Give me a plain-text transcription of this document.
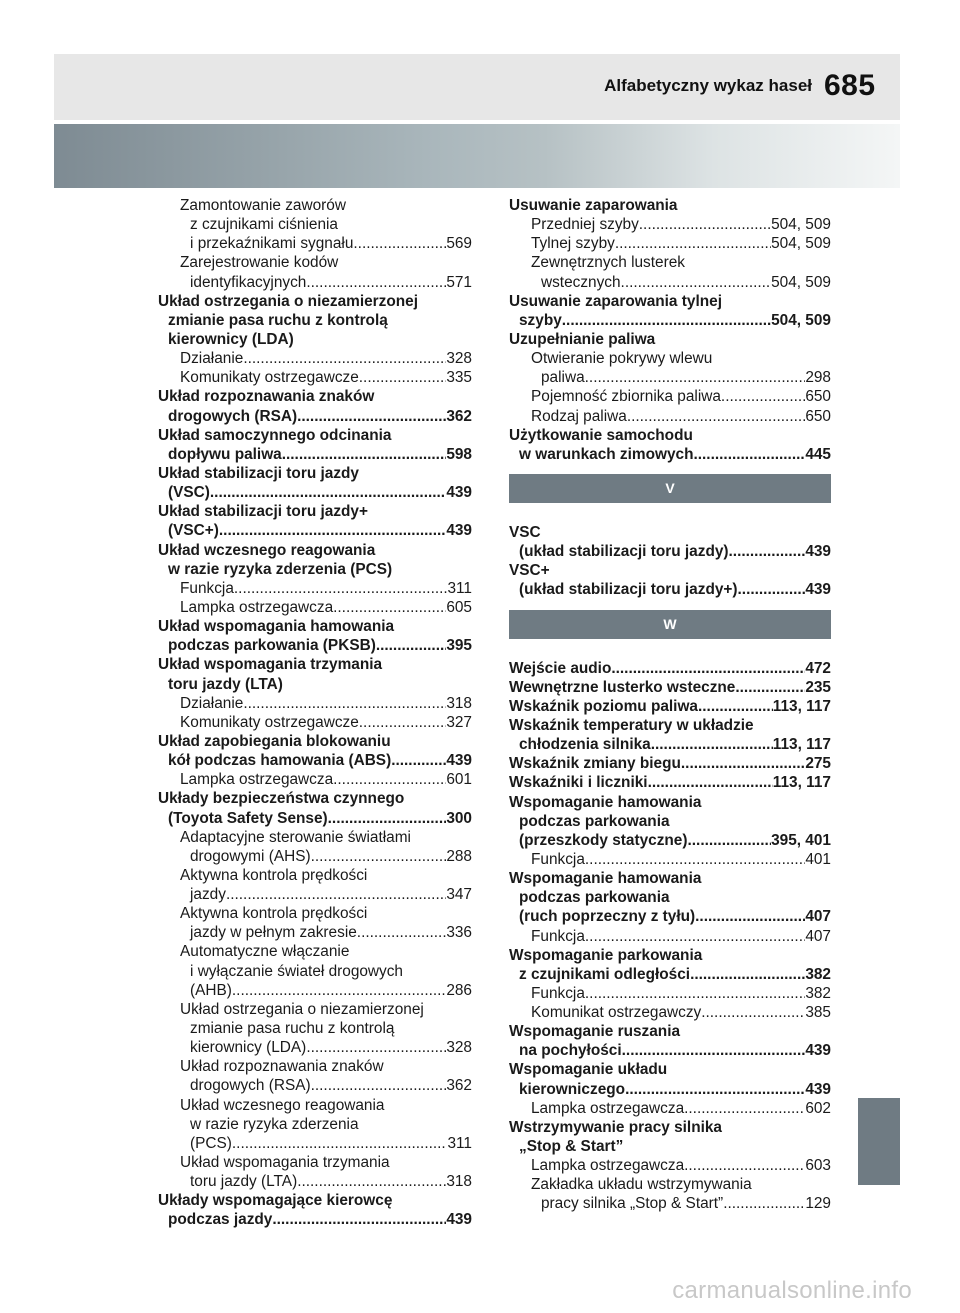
Alfabetyczny wykaz haseł 685
Zamontowanie zaworów
z czujnikami ciśnienia
i przekaźnikami sygnału .....	569
Zarejestrowanie kodów
identyfikacyjnych .....	571
Układ ostrzegania o niezamierzonej
zmianie pasa ruchu z kontrolą
kierownicy (LDA)
Działanie .....	328
Komunikaty ostrzegawcze .....	335
Układ rozpoznawania znaków
drogowych (RSA) .....	362
Układ samoczynnego odcinania
dopływu paliwa .....	598
Układ stabilizacji toru jazdy
(VSC) .....	439
Układ stabilizacji toru jazdy+
(VSC+) .....	439
Układ wczesnego reagowania
w razie ryzyka zderzenia (PCS)
Funkcja .....	311
Lampka ostrzegawcza .....	605
Układ wspomagania hamowania
podczas parkowania (PKSB) .....	395
Układ wspomagania trzymania
toru jazdy (LTA)
Działanie .....	318
Komunikaty ostrzegawcze .....	327
Układ zapobiegania blokowaniu
kół podczas hamowania (ABS) .....	439
Lampka ostrzegawcza .....	601
Układy bezpieczeństwa czynnego
(Toyota Safety Sense) .....	300
Adaptacyjne sterowanie światłami
drogowymi (AHS) .....	288
Aktywna kontrola prędkości
jazdy .....	347
Aktywna kontrola prędkości
jazdy w pełnym zakresie .....	336
Automatyczne włączanie
i wyłączanie świateł drogowych
(AHB) .....	286
Układ ostrzegania o niezamierzonej
zmianie pasa ruchu z kontrolą
kierownicy (LDA) .....	328
Układ rozpoznawania znaków
drogowych (RSA) .....	362
Układ wczesnego reagowania
w razie ryzyka zderzenia
(PCS) .....	311
Układ wspomagania trzymania
toru jazdy (LTA) .....	318
Układy wspomagające kierowcę
podczas jazdy .....	439
Usuwanie zaparowania
Przedniej szyby .....	504, 509
Tylnej szyby .....	504, 509
Zewnętrznych lusterek
wstecznych .....	504, 509
Usuwanie zaparowania tylnej
szyby .....	504, 509
Uzupełnianie paliwa
Otwieranie pokrywy wlewu
paliwa .....	298
Pojemność zbiornika paliwa .....	650
Rodzaj paliwa .....	650
Użytkowanie samochodu
w warunkach zimowych .....	445
V
VSC
(układ stabilizacji toru jazdy) .....	439
VSC+
(układ stabilizacji toru jazdy+) .....	439
W
Wejście audio .....	472
Wewnętrzne lusterko wsteczne .....	235
Wskaźnik poziomu paliwa .....	113, 117
Wskaźnik temperatury w układzie
chłodzenia silnika .....	113, 117
Wskaźnik zmiany biegu .....	275
Wskaźniki i liczniki .....	113, 117
Wspomaganie hamowania
podczas parkowania
(przeszkody statyczne) .....	395, 401
Funkcja .....	401
Wspomaganie hamowania
podczas parkowania
(ruch poprzeczny z tyłu) .....	407
Funkcja .....	407
Wspomaganie parkowania
z czujnikami odległości .....	382
Funkcja .....	382
Komunikat ostrzegawczy .....	385
Wspomaganie ruszania
na pochyłości .....	439
Wspomaganie układu
kierowniczego .....	439
Lampka ostrzegawcza .....	602
Wstrzymywanie pracy silnika
„Stop & Start”
Lampka ostrzegawcza .....	603
Zakładka układu wstrzymywania
pracy silnika „Stop & Start” .....	129
carmanualsonline.info
